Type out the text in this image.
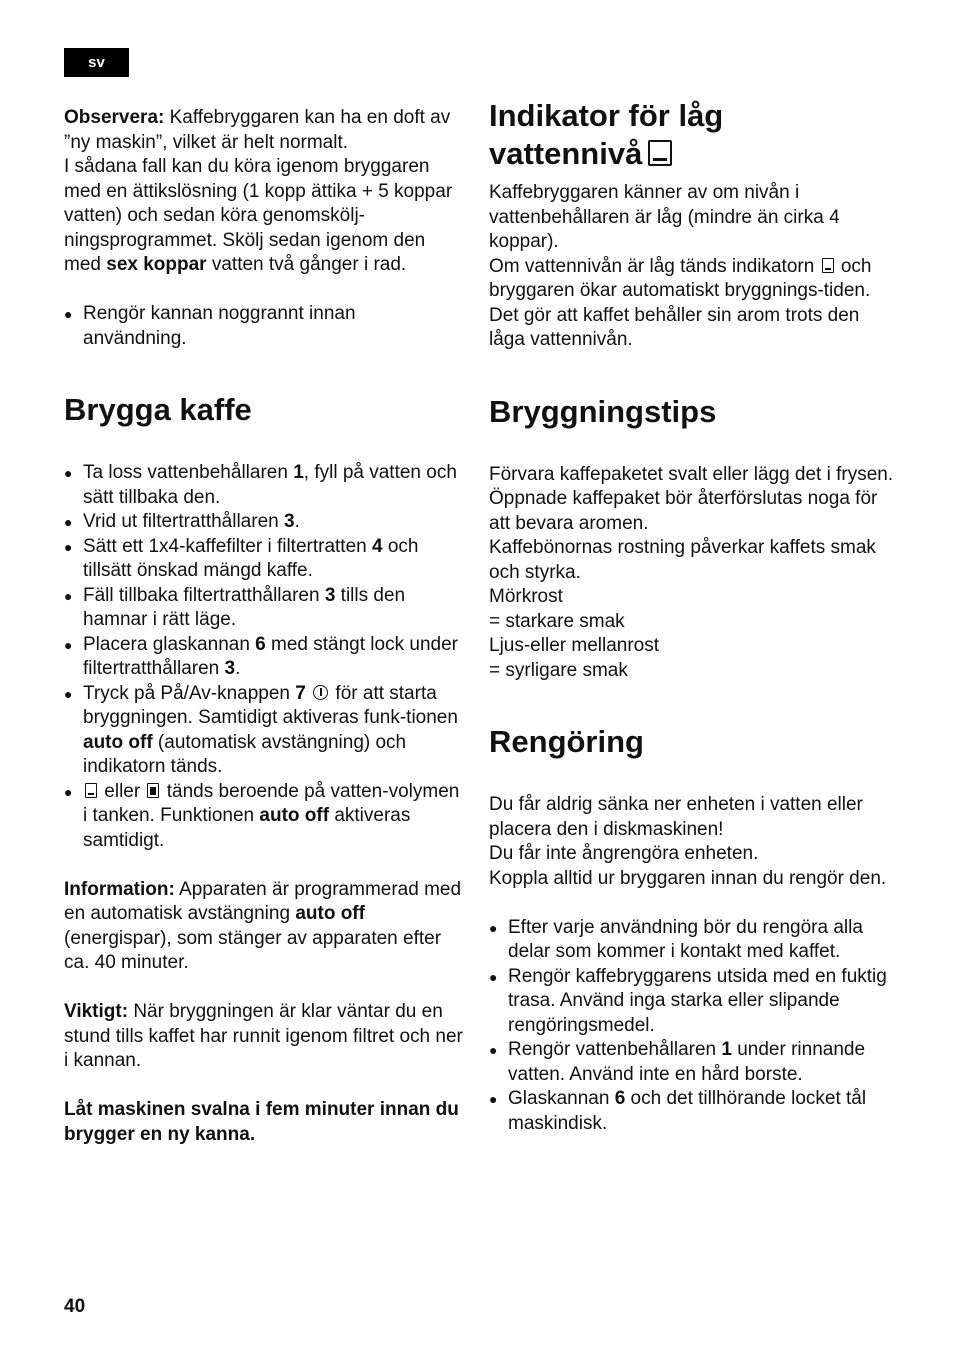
sv

Observera: Kaffebryggaren kan ha en doft av ”ny maskin”, vilket är helt normalt.

I sådana fall kan du köra igenom bryggaren med en ättikslösning (1 kopp ättika + 5 koppar vatten) och sedan köra genomskölj-ningsprogrammet. Skölj sedan igenom den med sex koppar vatten två gånger i rad.

● Rengör kannan noggrannt innan användning.
Brygga kaffe
● Ta loss vattenbehållaren 1, fyll på vatten och sätt tillbaka den.
● Vrid ut filtertratthållaren 3.
● Sätt ett 1x4-kaffefilter i filtertratten 4 och tillsätt önskad mängd kaffe.
● Fäll tillbaka filtertratthållaren 3 tills den hamnar i rätt läge.
● Placera glaskannan 6 med stängt lock under filtertratthållaren 3.
● Tryck på På/Av-knappen 7  för att starta bryggningen. Samtidigt aktiveras funk-tionen auto off (automatisk avstängning) och indikatorn tänds.
● eller  tänds beroende på vatten-volymen i tanken. Funktionen auto off aktiveras samtidigt.

Information: Apparaten är programmerad med en automatisk avstängning auto off (energispar), som stänger av apparaten efter ca. 40 minuter.

Viktigt: När bryggningen är klar väntar du en stund tills kaffet har runnit igenom filtret och ner i kannan.

Låt maskinen svalna i fem minuter innan du brygger en ny kanna.

Indikator för låg
vattennivå

Kaffebryggaren känner av om nivån i vattenbehållaren är låg (mindre än cirka 4 koppar).

Om vattennivån är låg tänds indikatorn  och bryggaren ökar automatiskt bryggnings-tiden. Det gör att kaffet behåller sin arom trots den låga vattennivån.

Bryggningstips

Förvara kaffepaketet svalt eller lägg det i frysen.

Öppnade kaffepaket bör återförslutas noga för att bevara aromen.

Kaffebönornas rostning påverkar kaffets smak och styrka.

Mörkrost

= starkare smak

Ljus-eller mellanrost

= syrligare smak

Rengöring

Du får aldrig sänka ner enheten i vatten eller placera den i diskmaskinen!

Du får inte ångrengöra enheten.

Koppla alltid ur bryggaren innan du rengör den.

● Efter varje användning bör du rengöra alla delar som kommer i kontakt med kaffet.
● Rengör kaffebryggarens utsida med en fuktig trasa. Använd inga starka eller slipande rengöringsmedel.
● Rengör vattenbehållaren 1 under rinnande vatten. Använd inte en hård borste.
● Glaskannan 6 och det tillhörande locket tål maskindisk.
40
